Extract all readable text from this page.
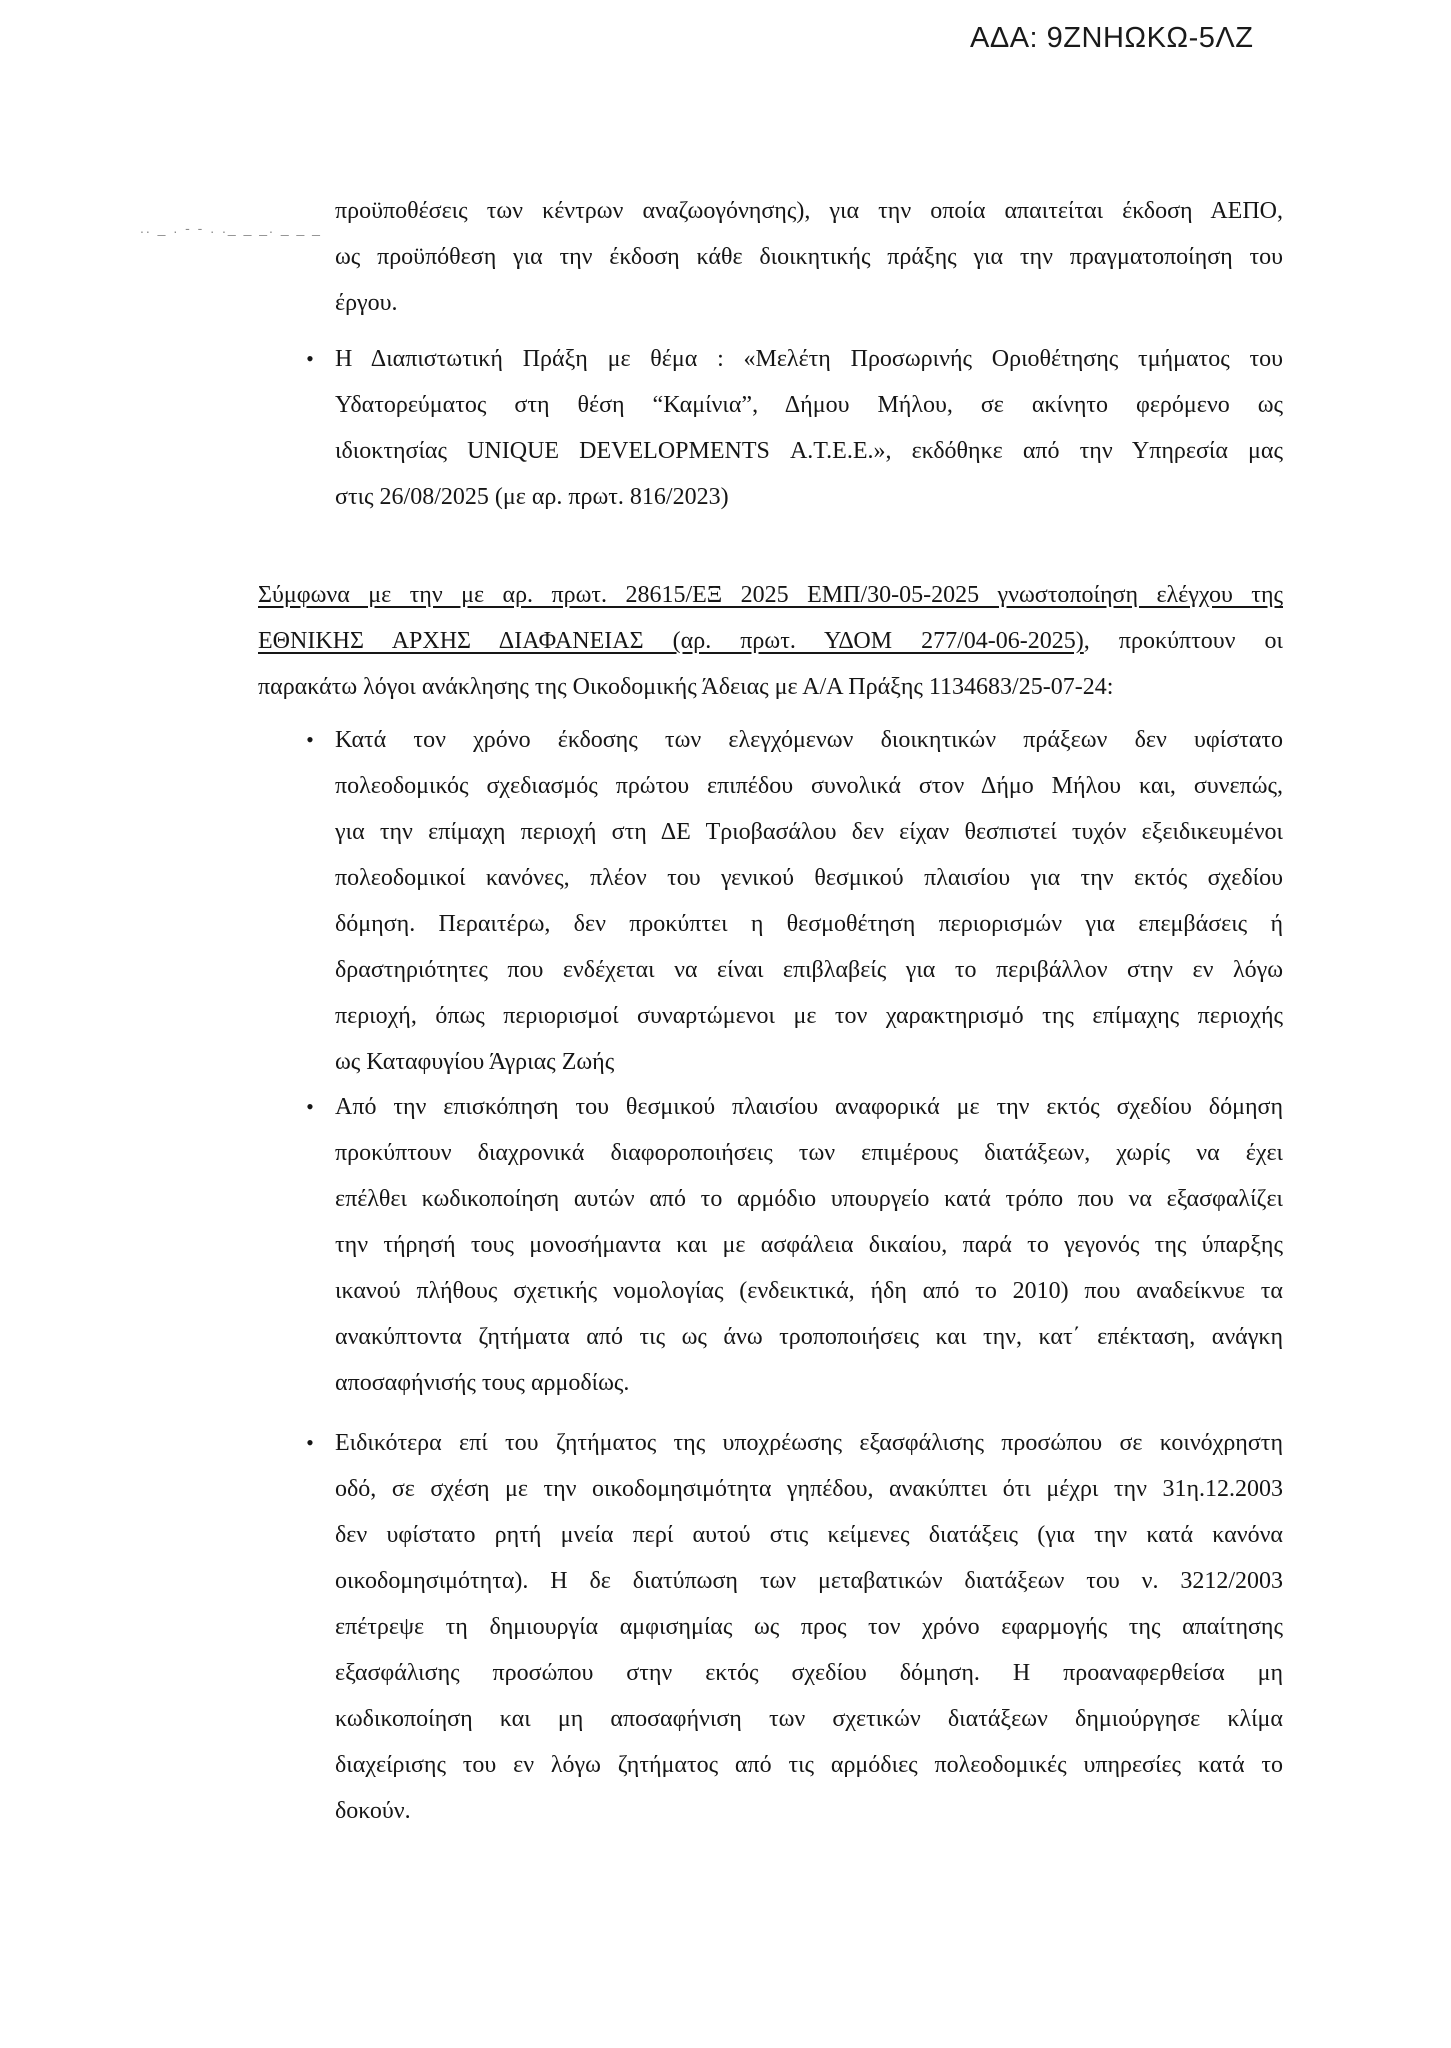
ΑΔΑ: 9ΖΝΗΩΚΩ-5ΛΖ
.. _ . - - . ._ _ _. _ _ _
προϋποθέσεις των κέντρων αναζωογόνησης), για την οποία απαιτείται έκδοση ΑΕΠΟ,
ως προϋπόθεση για την έκδοση κάθε διοικητικής πράξης για την πραγματοποίηση του
έργου.
• Η Διαπιστωτική Πράξη με θέμα : «Μελέτη Προσωρινής Οριοθέτησης τμήματος του
Υδατορεύματος στη θέση “Καμίνια”, Δήμου Μήλου, σε ακίνητο φερόμενο ως
ιδιοκτησίας UNIQUE DEVELOPMENTS Α.Τ.Ε.Ε.», εκδόθηκε από την Υπηρεσία μας
στις 26/08/2025 (με αρ. πρωτ. 816/2023)
Σύμφωνα με την με αρ. πρωτ. 28615/ΕΞ 2025 ΕΜΠ/30-05-2025 γνωστοποίηση ελέγχου της
ΕΘΝΙΚΗΣ ΑΡΧΗΣ ΔΙΑΦΑΝΕΙΑΣ (αρ. πρωτ. ΥΔΟΜ 277/04-06-2025), προκύπτουν οι
παρακάτω λόγοι ανάκλησης της Οικοδομικής Άδειας με Α/Α Πράξης 1134683/25-07-24:
• Κατά τον χρόνο έκδοσης των ελεγχόμενων διοικητικών πράξεων δεν υφίστατο
πολεοδομικός σχεδιασμός πρώτου επιπέδου συνολικά στον Δήμο Μήλου και, συνεπώς,
για την επίμαχη περιοχή στη ΔΕ Τριοβασάλου δεν είχαν θεσπιστεί τυχόν εξειδικευμένοι
πολεοδομικοί κανόνες, πλέον του γενικού θεσμικού πλαισίου για την εκτός σχεδίου
δόμηση. Περαιτέρω, δεν προκύπτει η θεσμοθέτηση περιορισμών για επεμβάσεις ή
δραστηριότητες που ενδέχεται να είναι επιβλαβείς για το περιβάλλον στην εν λόγω
περιοχή, όπως περιορισμοί συναρτώμενοι με τον χαρακτηρισμό της επίμαχης περιοχής
ως Καταφυγίου Άγριας Ζωής
• Από την επισκόπηση του θεσμικού πλαισίου αναφορικά με την εκτός σχεδίου δόμηση
προκύπτουν διαχρονικά διαφοροποιήσεις των επιμέρους διατάξεων, χωρίς να έχει
επέλθει κωδικοποίηση αυτών από το αρμόδιο υπουργείο κατά τρόπο που να εξασφαλίζει
την τήρησή τους μονοσήμαντα και με ασφάλεια δικαίου, παρά το γεγονός της ύπαρξης
ικανού πλήθους σχετικής νομολογίας (ενδεικτικά, ήδη από το 2010) που αναδείκνυε τα
ανακύπτοντα ζητήματα από τις ως άνω τροποποιήσεις και την, κατ΄ επέκταση, ανάγκη
αποσαφήνισής τους αρμοδίως.
• Ειδικότερα επί του ζητήματος της υποχρέωσης εξασφάλισης προσώπου σε κοινόχρηστη
οδό, σε σχέση με την οικοδομησιμότητα γηπέδου, ανακύπτει ότι μέχρι την 31η.12.2003
δεν υφίστατο ρητή μνεία περί αυτού στις κείμενες διατάξεις (για την κατά κανόνα
οικοδομησιμότητα). Η δε διατύπωση των μεταβατικών διατάξεων του ν. 3212/2003
επέτρεψε τη δημιουργία αμφισημίας ως προς τον χρόνο εφαρμογής της απαίτησης
εξασφάλισης προσώπου στην εκτός σχεδίου δόμηση. Η προαναφερθείσα μη
κωδικοποίηση και μη αποσαφήνιση των σχετικών διατάξεων δημιούργησε κλίμα
διαχείρισης του εν λόγω ζητήματος από τις αρμόδιες πολεοδομικές υπηρεσίες κατά το
δοκούν.
